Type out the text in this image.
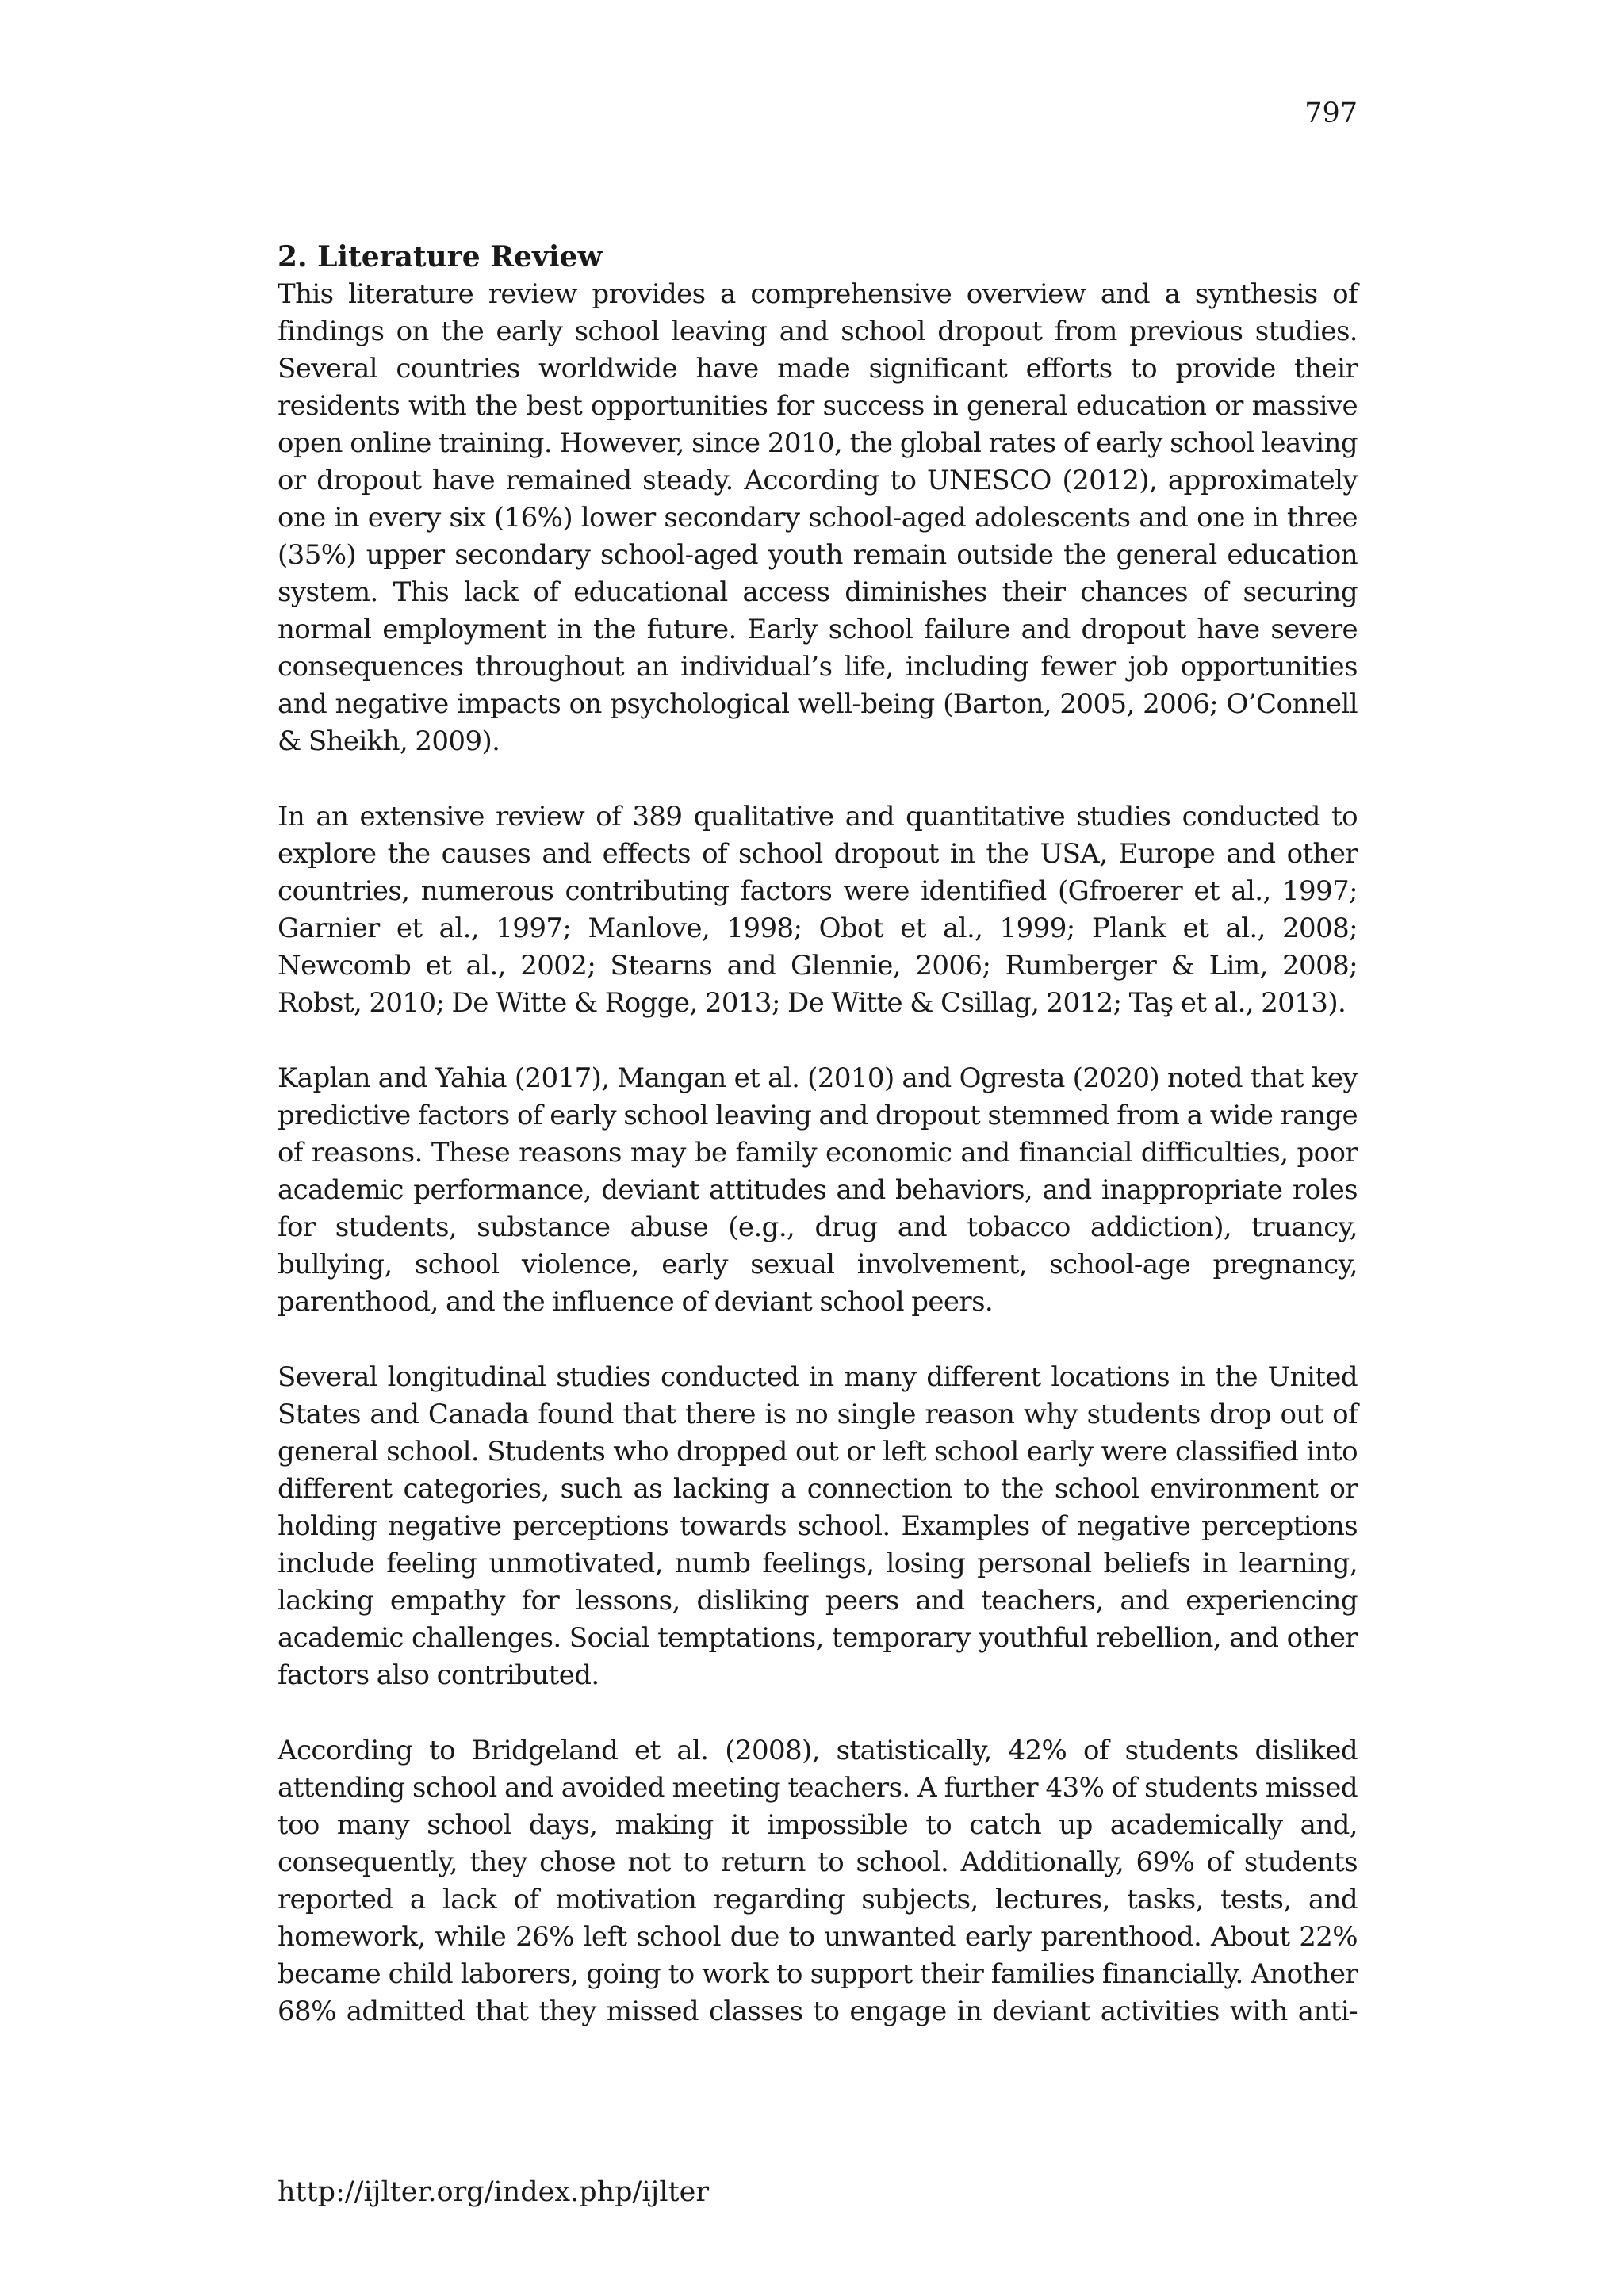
797
2. Literature Review

This literature review provides a comprehensive overview and a synthesis of findings on the early school leaving and school dropout from previous studies. Several countries worldwide have made significant efforts to provide their residents with the best opportunities for success in general education or massive open online training. However, since 2010, the global rates of early school leaving or dropout have remained steady. According to UNESCO (2012), approximately one in every six (16%) lower secondary school-aged adolescents and one in three (35%) upper secondary school-aged youth remain outside the general education system. This lack of educational access diminishes their chances of securing normal employment in the future. Early school failure and dropout have severe consequences throughout an individual’s life, including fewer job opportunities and negative impacts on psychological well-being (Barton, 2005, 2006; O’Connell & Sheikh, 2009).

In an extensive review of 389 qualitative and quantitative studies conducted to explore the causes and effects of school dropout in the USA, Europe and other countries, numerous contributing factors were identified (Gfroerer et al., 1997; Garnier et al., 1997; Manlove, 1998; Obot et al., 1999; Plank et al., 2008; Newcomb et al., 2002; Stearns and Glennie, 2006; Rumberger & Lim, 2008; Robst, 2010; De Witte & Rogge, 2013; De Witte & Csillag, 2012; Taş et al., 2013).

Kaplan and Yahia (2017), Mangan et al. (2010) and Ogresta (2020) noted that key predictive factors of early school leaving and dropout stemmed from a wide range of reasons. These reasons may be family economic and financial difficulties, poor academic performance, deviant attitudes and behaviors, and inappropriate roles for students, substance abuse (e.g., drug and tobacco addiction), truancy, bullying, school violence, early sexual involvement, school-age pregnancy, parenthood, and the influence of deviant school peers.

Several longitudinal studies conducted in many different locations in the United States and Canada found that there is no single reason why students drop out of general school. Students who dropped out or left school early were classified into different categories, such as lacking a connection to the school environment or holding negative perceptions towards school. Examples of negative perceptions include feeling unmotivated, numb feelings, losing personal beliefs in learning, lacking empathy for lessons, disliking peers and teachers, and experiencing academic challenges. Social temptations, temporary youthful rebellion, and other factors also contributed.

According to Bridgeland et al. (2008), statistically, 42% of students disliked attending school and avoided meeting teachers. A further 43% of students missed too many school days, making it impossible to catch up academically and, consequently, they chose not to return to school. Additionally, 69% of students reported a lack of motivation regarding subjects, lectures, tasks, tests, and homework, while 26% left school due to unwanted early parenthood. About 22% became child laborers, going to work to support their families financially. Another 68% admitted that they missed classes to engage in deviant activities with anti-

http://ijlter.org/index.php/ijlter
